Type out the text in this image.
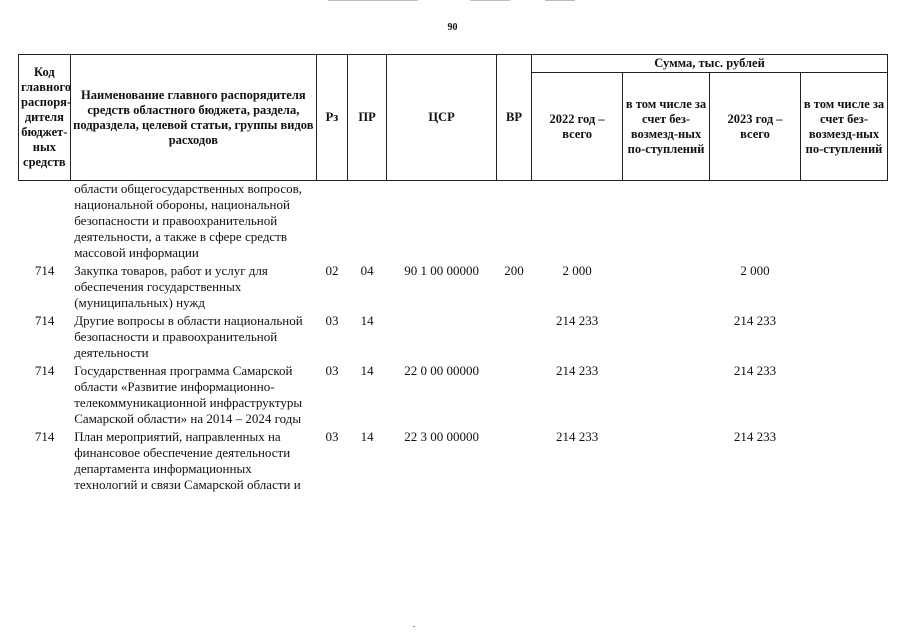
90
Код главного распоря-дителя бюджет-ных средств	Наименование главного распорядителя средств областного бюджета, раздела, подраздела, целевой статьи, группы видов расходов	Рз	ПР	ЦСР	ВР	Сумма, тыс. рублей			
						2022 год – всего	в том числе за счет без-возмезд-ных по-ступлений	2023 год – всего	в том числе за счет без-возмезд-ных по-ступлений
	области общегосударственных вопросов, национальной обороны, национальной безопасности и правоохранительной деятельности, а также в сфере средств массовой информации								
714	Закупка товаров, работ и услуг для обеспечения государственных (муниципальных) нужд	02	04	90 1 00 00000	200	2 000		2 000	
714	Другие вопросы в области национальной безопасности и правоохранительной деятельности	03	14			214 233		214 233	
714	Государственная программа Самарской области «Развитие информационно-телекоммуникационной инфраструктуры Самарской области» на 2014 – 2024 годы	03	14	22 0 00 00000		214 233		214 233	
714	План мероприятий, направленных на финансовое обеспечение деятельности департамента информационных технологий и связи Самарской области и	03	14	22 3 00 00000		214 233		214 233	
